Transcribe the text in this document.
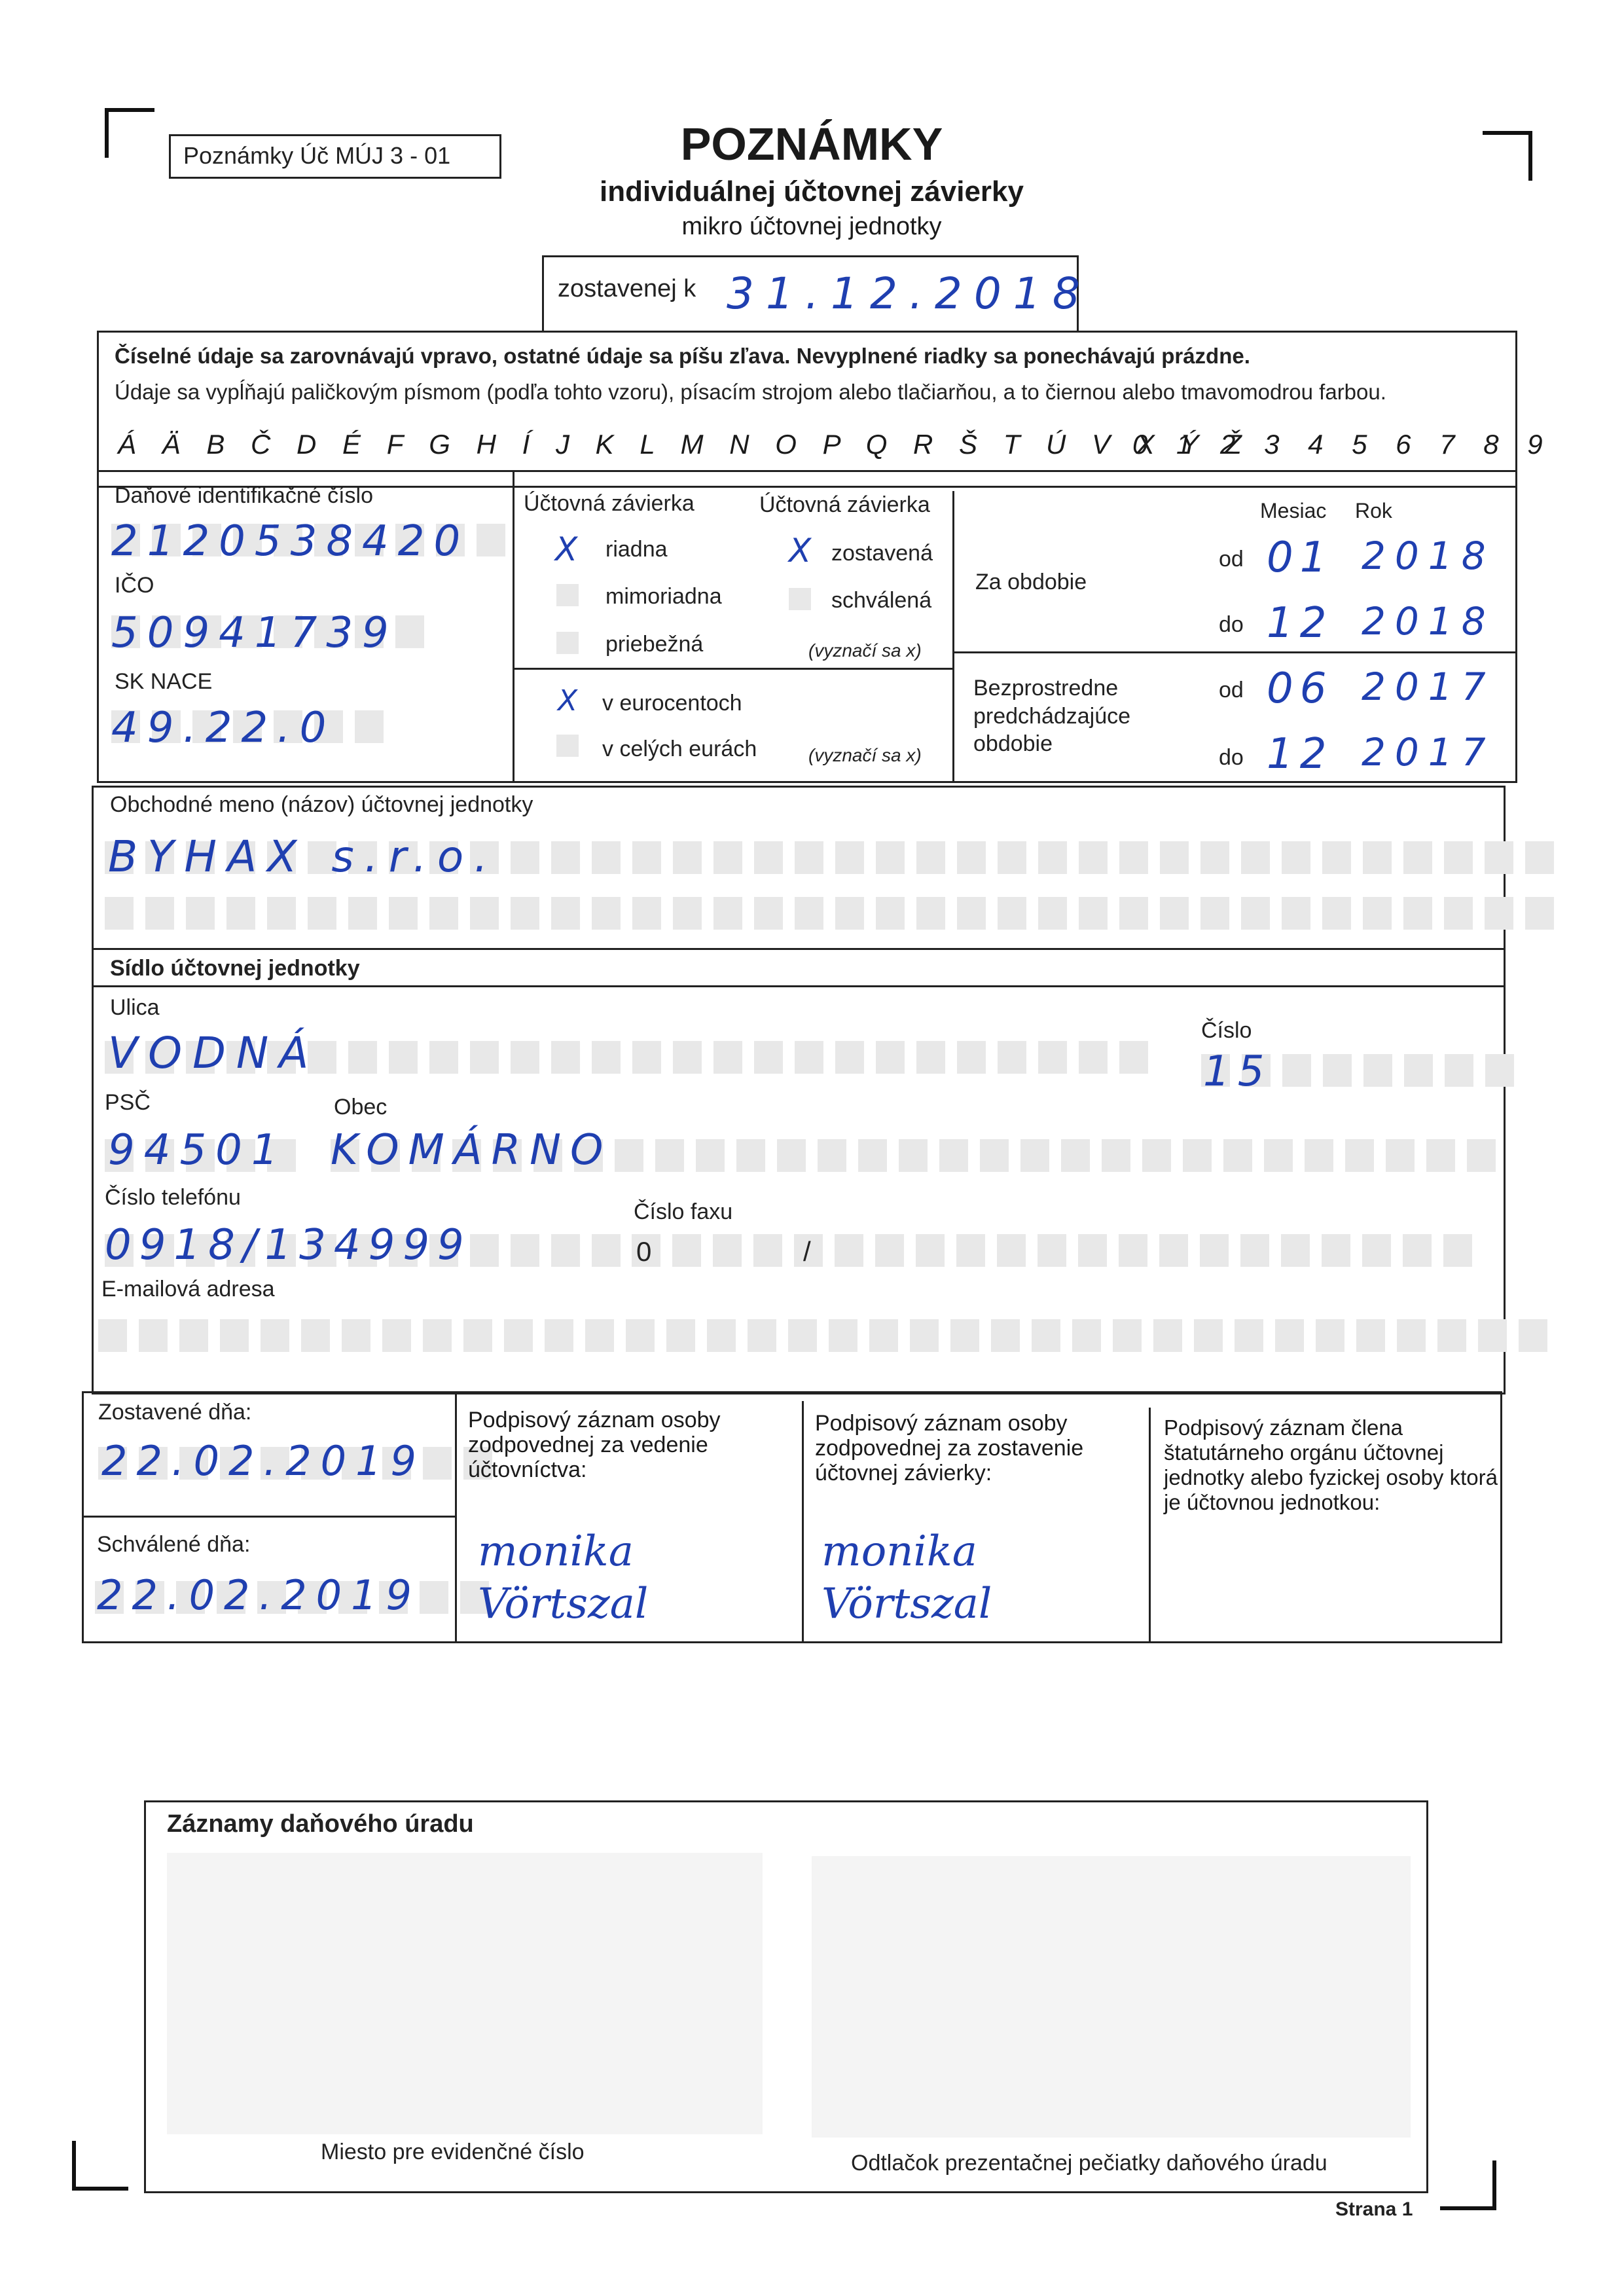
Poznámky Úč MÚJ 3 - 01	POZNÁMKY
individuálnej účtovnej závierky
mikro účtovnej jednotky
zostavenej k 31.12.2018
Číselné údaje sa zarovnávajú vpravo, ostatné údaje sa píšu zľava. Nevyplnené riadky sa ponechávajú prázdne.
Údaje sa vypĺňajú paličkovým písmom (podľa tohto vzoru), písacím strojom alebo tlačiarňou, a to čiernou alebo tmavomodrou farbou.
Á Ä B Č D É F G H Í J K L M N O P Q R Š T Ú V X Ý Ž
0 1 2 3 4 5 6 7 8 9
Daňové identifikačné číslo
2120538420
IČO
50941739
SK NACE
49.22.0
Účtovná závierka	Účtovná závierka
X riadna
mimoriadna
priebežná
X zostavená
schválená
(vyznačí sa x)
X v eurocentoch
v celých eurách	(vyznačí sa x)
Mesiac Rok
Za obdobie
od 01 2018
do 12 2018
Bezprostredne
predchádzajúce
obdobie
od 06 2017
do 12 2017
Obchodné meno (názov) účtovnej jednotky
BYHAX s.r.o.
Sídlo účtovnej jednotky
Ulica
VODNÁ	Číslo
15
PSČ	Obec
94501 KOMÁRNO
Číslo telefónu
Číslo faxu
0918/134999	0 /
E-mailová adresa
Zostavené dňa:
22.02.2019
Schválené dňa:
22.02.2019
Podpisový záznam osoby zodpovednej za vedenie účtovníctva:
Podpisový záznam osoby zodpovednej za zostavenie účtovnej závierky:
Podpisový záznam člena štatutárneho orgánu účtovnej jednotky alebo fyzickej osoby ktorá je účtovnou jednotkou:
monika Vörtszal
monika Vörtszal
Záznamy daňového úradu
Miesto pre evidenčné číslo	Odtlačok prezentačnej pečiatky daňového úradu
Strana 1
